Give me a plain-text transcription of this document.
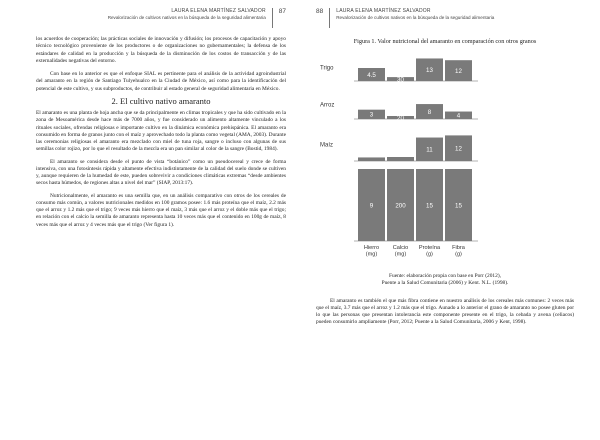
LAURA ELENA MARTÍNEZ SALVADOR
Revalorización de cultivos nativos en la búsqueda de la seguridad alimentaria
87

los acuerdos de cooperación; las prácticas sociales de innovación y difusión; los procesos de capacitación y apoyo técnico tecnológico proveniente de los productores o de organizaciones no gubernamentales; la defensa de los estándares de calidad en la producción y la búsqueda de la disminución de los costos de transacción y de las externalidades negativas del entorno.

Con base en lo anterior es que el enfoque SIAL es pertinente para el análisis de la actividad agroindustrial del amaranto en la región de Santiago Tulyehualco en la Ciudad de México, así como para la identificación del potencial de este cultivo, y sus subproductos, de contribuir al estado general de seguridad alimentaria en México.

2. El cultivo nativo amaranto

El amaranto es una planta de hoja ancha que se da principalmente en climas tropicales y que ha sido cultivado en la zona de Mesoamérica desde hace más de 7000 años, y fue considerado un alimento altamente vinculado a los rituales sociales, ofrendas religiosas e importante cultivo en la dinámica económica prehispánica. El amaranto era consumido en forma de granos junto con el maíz y aprovechado todo la planta como vegetal (AMA, 2003). Durante las ceremonias religiosas el amaranto era mezclado con miel de tuna roja, sangre o incluso con algunas de sus semillas color rojizo, por lo que el resultado de la mezcla era un pan similar al color de la sangre (Bostid, 1984).

El amaranto se considera desde el punto de vista “botánico” como un pseudocereal y crece de forma intensiva, con una fotosíntesis rápida y altamente efectiva indistintamente de la calidad del suelo donde se cultiven y, aunque requieren de la humedad de este, pueden sobrevivir a condiciones climáticas extremas “desde ambientes secos hasta húmedos, de regiones altas a nivel del mar” (SIAP, 2013:17).

Nutricionalmente, el amaranto es una semilla que, en un análisis comparativo con otros de los cereales de consumo más común, a valores nutricionales medidos en 100 gramos posee: 1.6 más proteína que el maíz, 2.2 más que el arroz y 1.2 más que el trigo; 9 veces más hierro que el maíz, 3 más que el arroz y el doble más que el trigo; en relación con el calcio la semilla de amaranto representa hasta 10 veces más que el contenido en 100g de maíz, 8 veces más que el arroz y 4 veces más que el trigo (Ver figura 1).

88	LAURA ELENA MARTÍNEZ SALVADOR
Revalorización de cultivos nativos en la búsqueda de la seguridad alimentaria
Figura 1. Valor nutricional del amaranto en comparación con otros granos
Trigo
4.5
30
13	12
Arroz
3	20
8
4
Maíz
11	12
9	200	15	15
Hierro (mg)
Calcio (mg)
Proteína (g)
Fibra (g)
Fuente: elaboración propia con base en Porr (2012),
Puente a la Salud Comunitaria (2006) y Kent. N.L. (1998).

El amaranto es también el que más fibra contiene en nuestro análisis de los cereales más comunes: 2 veces más que el maíz, 3.7 más que el arroz y 1.2 más que el trigo. Aunado a lo anterior el grano de amaranto no posee gluten por lo que las personas que presentan intolerancia este componente presente en el trigo, la cebada y avena (celiacos) pueden consumirlo ampliamente (Porr, 2012; Puente a la Salud Comunitaria, 2006 y Kent, 1998).
